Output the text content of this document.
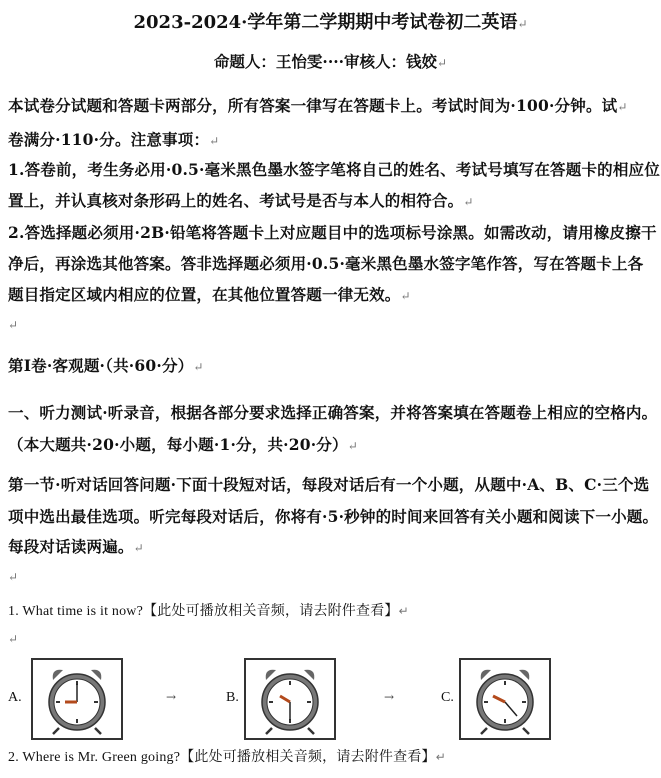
2023-2024·学年第二学期期中考试卷初二英语↵
命题人：王怡雯····审核人：钱姣↵
本试卷分试题和答题卡两部分，所有答案一律写在答题卡上。考试时间为·100·分钟。试↵
卷满分·110·分。注意事项：↵
1.答卷前，考生务必用·0.5·毫米黑色墨水签字笔将自己的姓名、考试号填写在答题卡的相应位
置上，并认真核对条形码上的姓名、考试号是否与本人的相符合。↵
2.答选择题必须用·2B·铅笔将答题卡上对应题目中的选项标号涂黑。如需改动，请用橡皮擦干
净后，再涂选其他答案。答非选择题必须用·0.5·毫米黑色墨水签字笔作答，写在答题卡上各
题目指定区域内相应的位置，在其他位置答题一律无效。↵
↵
第Ⅰ卷·客观题·（共·60·分）↵
一、听力测试·听录音，根据各部分要求选择正确答案，并将答案填在答题卷上相应的空格内。
（本大题共·20·小题，每小题·1·分，共·20·分）↵
第一节·听对话回答问题·下面十段短对话，每段对话后有一个小题，从题中·A、B、C·三个选
项中选出最佳选项。听完每段对话后，你将有·5·秒钟的时间来回答有关小题和阅读下一小题。
每段对话读两遍。↵
↵
1. What time is it now?【此处可播放相关音频，请去附件查看】↵
↵
A.	→	B.	→	C.
2. Where is Mr. Green going?【此处可播放相关音频，请去附件查看】↵
